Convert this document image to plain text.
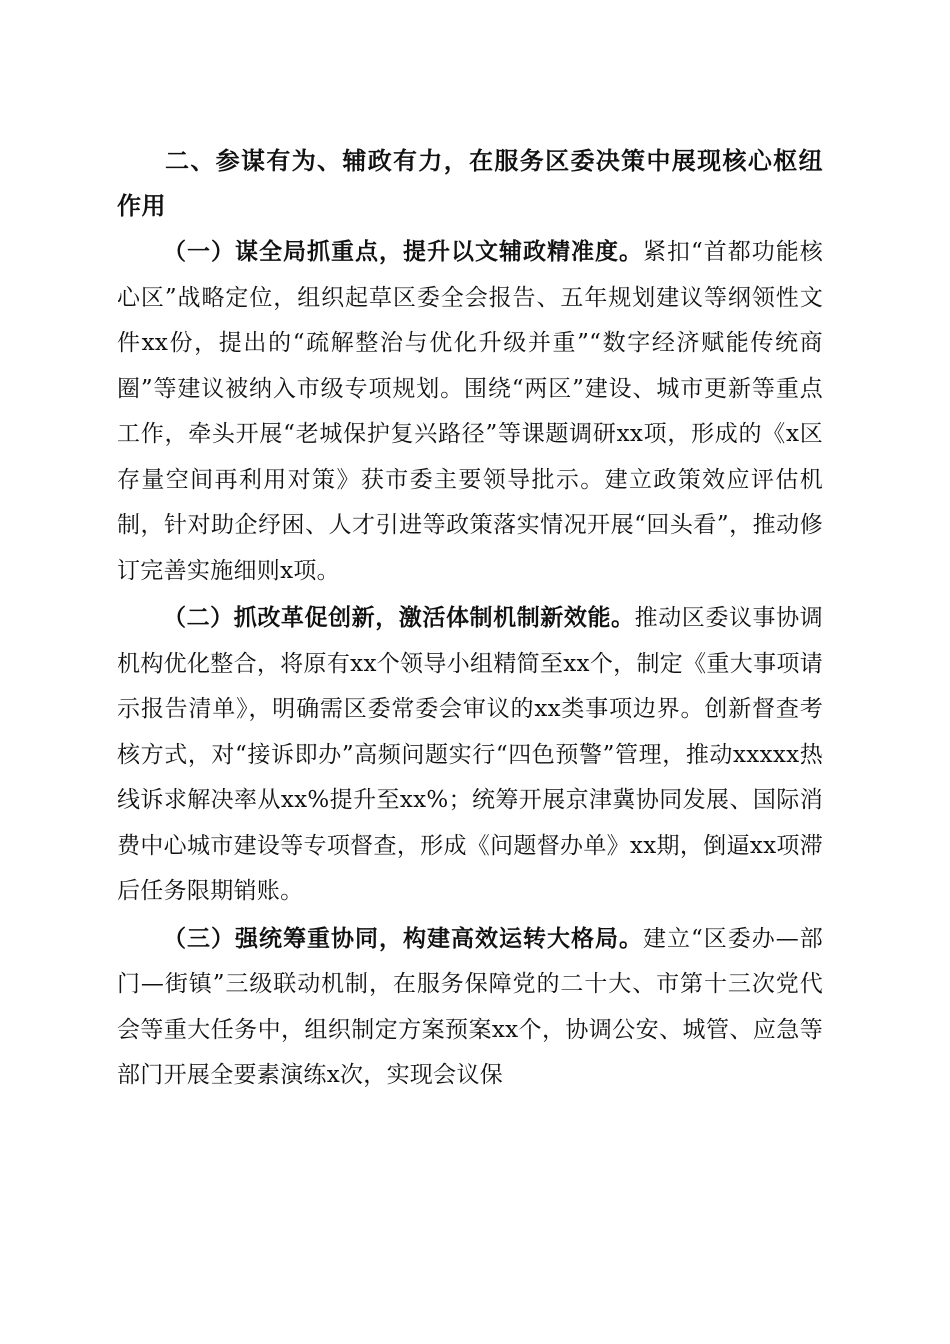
二、参谋有为、辅政有力，在服务区委决策中展现核心枢纽作用

（一）谋全局抓重点，提升以文辅政精准度。紧扣“首都功能核心区”战略定位，组织起草区委全会报告、五年规划建议等纲领性文件xx份，提出的“疏解整治与优化升级并重”“数字经济赋能传统商圈”等建议被纳入市级专项规划。围绕“两区”建设、城市更新等重点工作，牵头开展“老城保护复兴路径”等课题调研xx项，形成的《x区存量空间再利用对策》获市委主要领导批示。建立政策效应评估机制，针对助企纾困、人才引进等政策落实情况开展“回头看”，推动修订完善实施细则x项。

（二）抓改革促创新，激活体制机制新效能。推动区委议事协调机构优化整合，将原有xx个领导小组精简至xx个，制定《重大事项请示报告清单》，明确需区委常委会审议的xx类事项边界。创新督查考核方式，对“接诉即办”高频问题实行“四色预警”管理，推动xxxxx热线诉求解决率从xx%提升至xx%；统筹开展京津冀协同发展、国际消费中心城市建设等专项督查，形成《问题督办单》xx期，倒逼xx项滞后任务限期销账。

（三）强统筹重协同，构建高效运转大格局。建立“区委办—部门—街镇”三级联动机制，在服务保障党的二十大、市第十三次党代会等重大任务中，组织制定方案预案xx个，协调公安、城管、应急等部门开展全要素演练x次，实现会议保
